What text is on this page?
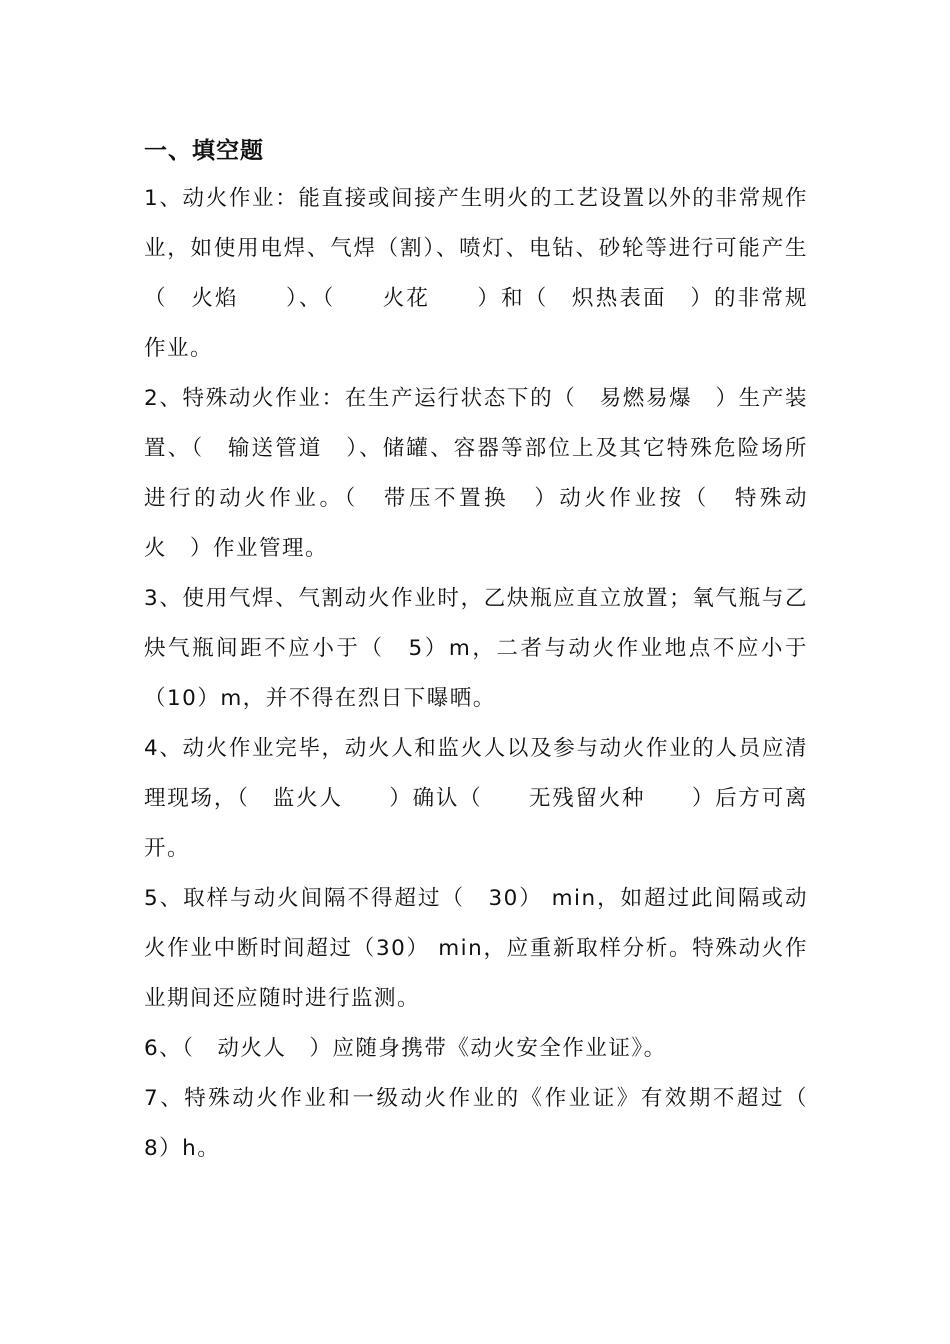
一、填空题

1、动火作业：能直接或间接产生明火的工艺设置以外的非常规作业，如使用电焊、气焊（割）、喷灯、电钻、砂轮等进行可能产生（　火焰　　）、（　　火花　　）和（　炽热表面　）的非常规作业。

2、特殊动火作业：在生产运行状态下的（　易燃易爆　）生产装置、（　输送管道　）、储罐、容器等部位上及其它特殊危险场所进行的动火作业。（　带压不置换　）动火作业按（　特殊动火　）作业管理。

3、使用气焊、气割动火作业时，乙炔瓶应直立放置；氧气瓶与乙炔气瓶间距不应小于（　5）m，二者与动火作业地点不应小于（10）m，并不得在烈日下曝晒。

4、动火作业完毕，动火人和监火人以及参与动火作业的人员应清理现场，（　监火人　　）确认（　　无残留火种　　）后方可离开。

5、取样与动火间隔不得超过（　30） min，如超过此间隔或动火作业中断时间超过（30） min，应重新取样分析。特殊动火作业期间还应随时进行监测。

6、（　动火人　）应随身携带《动火安全作业证》。

7、特殊动火作业和一级动火作业的《作业证》有效期不超过（　8）h。
